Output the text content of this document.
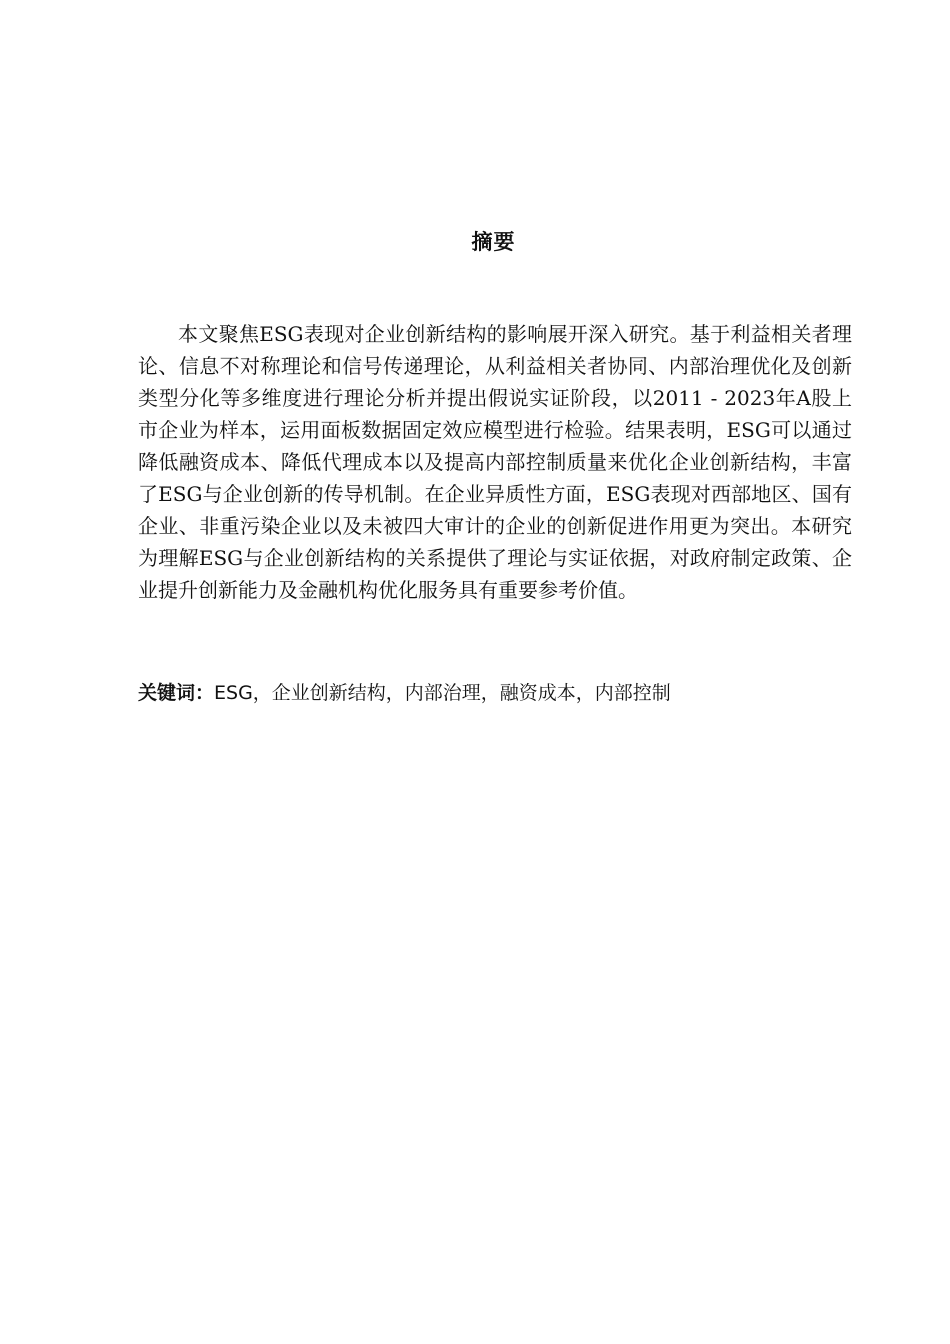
摘要

本文聚焦ESG表现对企业创新结构的影响展开深入研究。基于利益相关者理论、信息不对称理论和信号传递理论，从利益相关者协同、内部治理优化及创新类型分化等多维度进行理论分析并提出假说实证阶段，以2011 - 2023年A股上市企业为样本，运用面板数据固定效应模型进行检验。结果表明，ESG可以通过降低融资成本、降低代理成本以及提高内部控制质量来优化企业创新结构，丰富了ESG与企业创新的传导机制。在企业异质性方面，ESG表现对西部地区、国有企业、非重污染企业以及未被四大审计的企业的创新促进作用更为突出。本研究为理解ESG与企业创新结构的关系提供了理论与实证依据，对政府制定政策、企业提升创新能力及金融机构优化服务具有重要参考价值。

关键词：ESG，企业创新结构，内部治理，融资成本，内部控制
